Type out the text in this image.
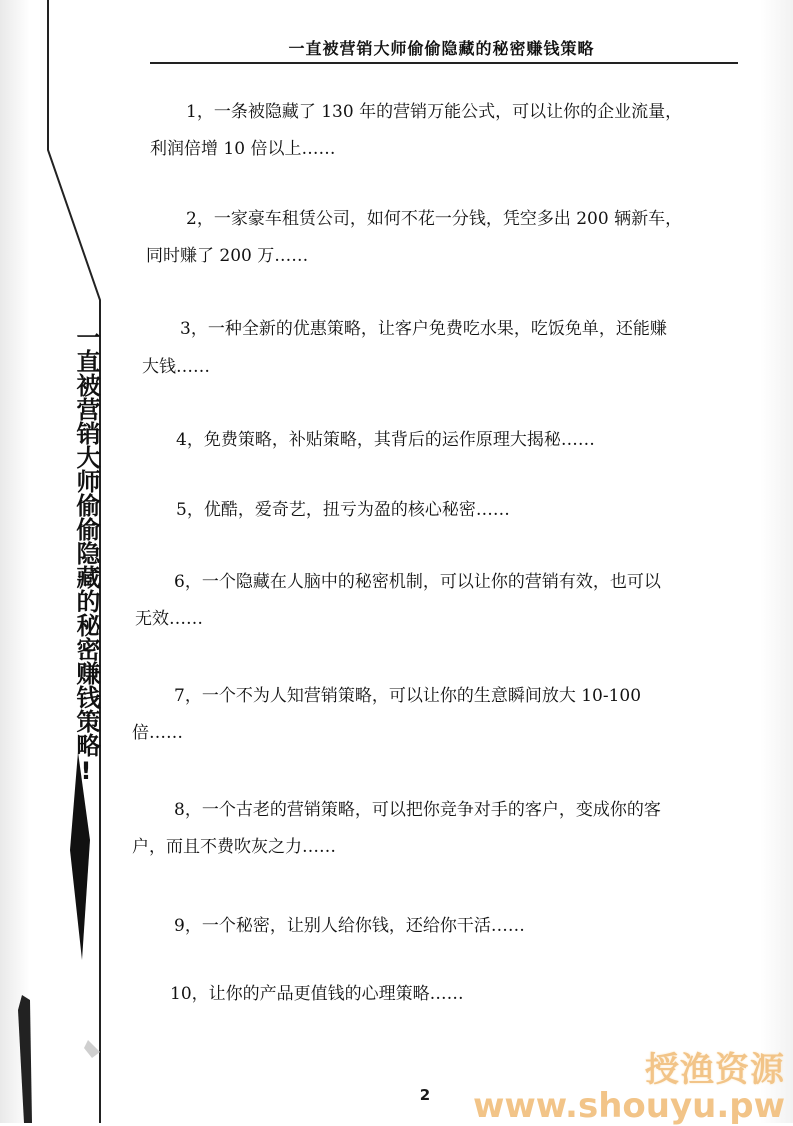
一直被营销大师偷偷隐藏的秘密赚钱策略!
一直被营销大师偷偷隐藏的秘密赚钱策略
1，一条被隐藏了 130 年的营销万能公式，可以让你的企业流量，
利润倍增 10 倍以上……
2，一家豪车租赁公司，如何不花一分钱，凭空多出 200 辆新车，
同时赚了 200 万……
3，一种全新的优惠策略，让客户免费吃水果，吃饭免单，还能赚
大钱……
4，免费策略，补贴策略，其背后的运作原理大揭秘……
5，优酷，爱奇艺，扭亏为盈的核心秘密……
6，一个隐藏在人脑中的秘密机制，可以让你的营销有效，也可以
无效……
7，一个不为人知营销策略，可以让你的生意瞬间放大 10-100
倍……
8，一个古老的营销策略，可以把你竞争对手的客户，变成你的客
户，而且不费吹灰之力……
9，一个秘密，让别人给你钱，还给你干活……
10，让你的产品更值钱的心理策略……
2
授渔资源
www.shouyu.pw
